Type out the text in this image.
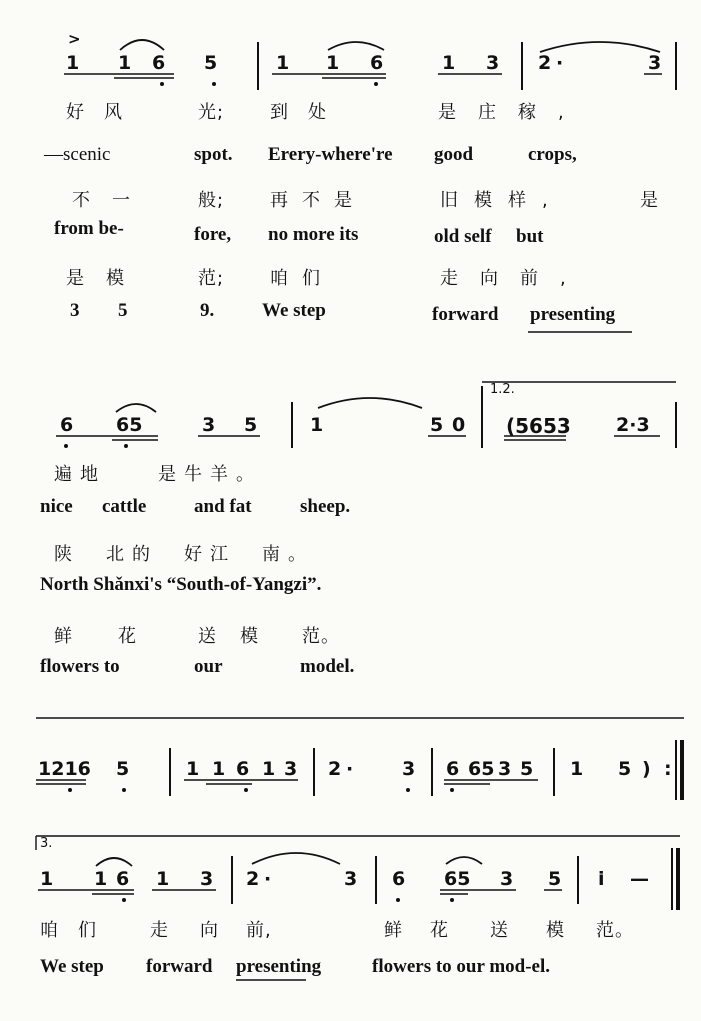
>
1 1 6 5	1 1 6	1 3 2 ·	3
好风	光;	到处	是庄稼,
—scenic	spot. Erery-where're good	crops,
不一	般;	再不是	旧模样,	是
from be-	fore, no more its	old self but
是模	范;	咱们	走向前,
3 5	9.	We step	forward presenting
1.2.
6 65	3 5	1	5 0 (5653 2·3
遍地　　是牛羊。
nice cattle	and fat	sheep.
陕　北的　好江　南。
North Shǎnxi's “South-of-Yangzi”.
鲜　花	送 模 范。
flowers to	our	model.
1216 5	1 1 6 1 3 2 ·	3 6 65 3 5 1 5 ) :
3.
1 1 6 1 3 2 ·	3 6 65 3 5 i —
咱们 走 向 前,	鲜 花 送 模 范。
We step forward presenting	flowers to our mod-el.
